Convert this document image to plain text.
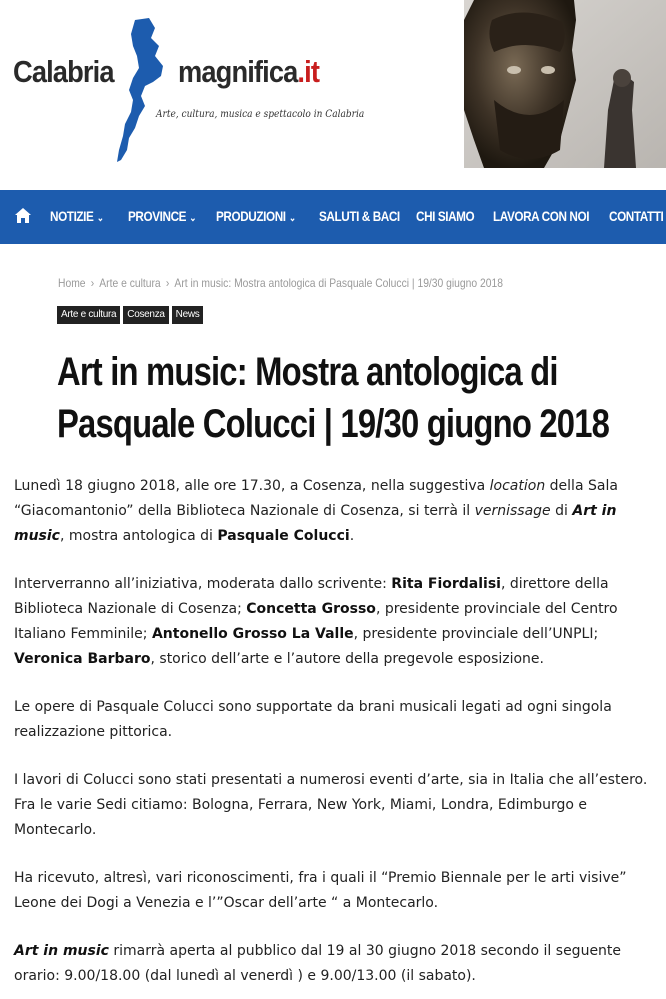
Calabria magnifica.it
Arte, cultura, musica e spettacolo in Calabria
NOTIZIE ⌄ PROVINCE ⌄ PRODUZIONI ⌄ SALUTI & BACI CHI SIAMO LAVORA CON NOI CONTATTI
Home › Arte e cultura › Art in music: Mostra antologica di Pasquale Colucci | 19/30 giugno 2018
Arte e cultura	Cosenza	News
Art in music: Mostra antologica di
Pasquale Colucci | 19/30 giugno 2018

Lunedì 18 giugno 2018, alle ore 17.30, a Cosenza, nella suggestiva location della Sala
“Giacomantonio” della Biblioteca Nazionale di Cosenza, si terrà il vernissage di Art in
music, mostra antologica di Pasquale Colucci.

Interverranno all’iniziativa, moderata dallo scrivente: Rita Fiordalisi, direttore della
Biblioteca Nazionale di Cosenza; Concetta Grosso, presidente provinciale del Centro
Italiano Femminile; Antonello Grosso La Valle, presidente provinciale dell’UNPLI;
Veronica Barbaro, storico dell’arte e l’autore della pregevole esposizione.

Le opere di Pasquale Colucci sono supportate da brani musicali legati ad ogni singola
realizzazione pittorica.

I lavori di Colucci sono stati presentati a numerosi eventi d’arte, sia in Italia che all’estero.
Fra le varie Sedi citiamo: Bologna, Ferrara, New York, Miami, Londra, Edimburgo e
Montecarlo.

Ha ricevuto, altresì, vari riconoscimenti, fra i quali il “Premio Biennale per le arti visive”
Leone dei Dogi a Venezia e l’”Oscar dell’arte “ a Montecarlo.

Art in music rimarrà aperta al pubblico dal 19 al 30 giugno 2018 secondo il seguente
orario: 9.00/18.00 (dal lunedì al venerdì ) e 9.00/13.00 (il sabato).
